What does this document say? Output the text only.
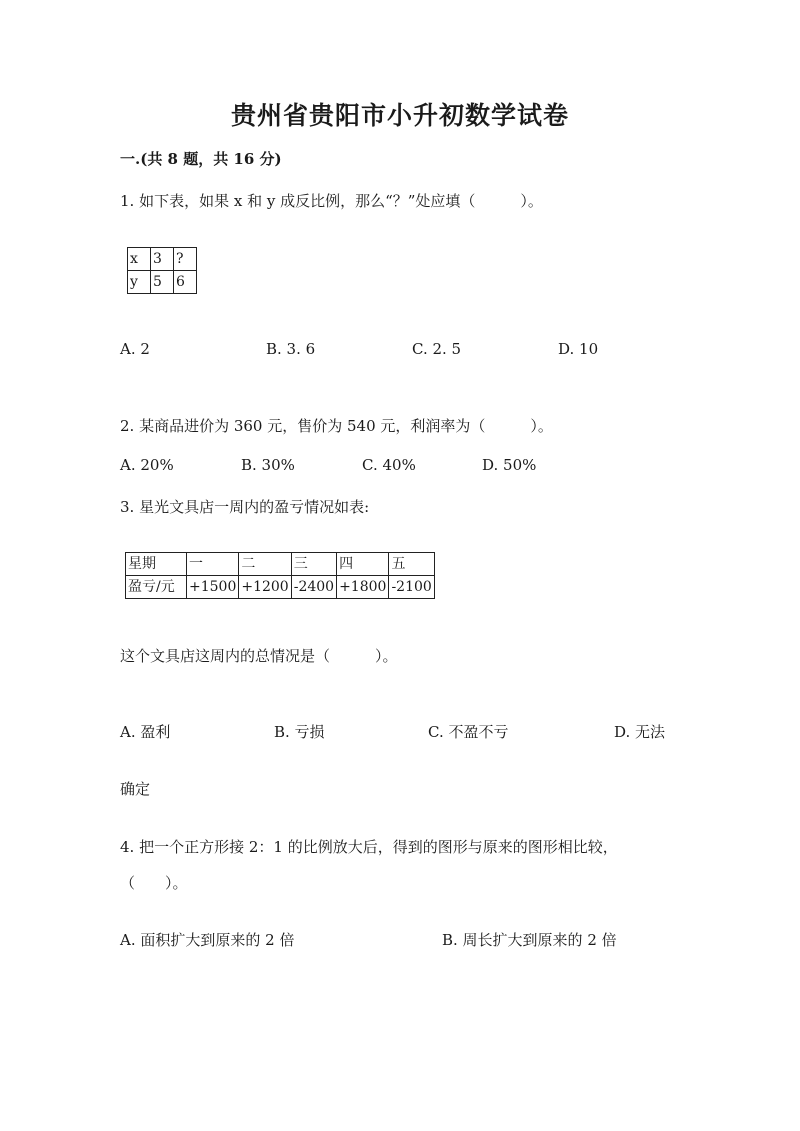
贵州省贵阳市小升初数学试卷
一.(共 8 题，共 16 分)
1. 如下表，如果 x 和 y 成反比例，那么“？”处应填（　　　）。
x	3	?
y	5	6
A. 2	B. 3. 6	C. 2. 5	D. 10
2. 某商品进价为 360 元，售价为 540 元，利润率为（　　　）。
A. 20%	B. 30%	C. 40%	D. 50%
3. 星光文具店一周内的盈亏情况如表:
星期	一	二	三	四	五
盈亏/元	+1500	+1200	-2400	+1800	-2100
这个文具店这周内的总情况是（　　　）。
A. 盈利	B. 亏损	C. 不盈不亏	D. 无法
确定
4. 把一个正方形接 2：1 的比例放大后，得到的图形与原来的图形相比较，
（　　）。
A. 面积扩大到原来的 2 倍	B. 周长扩大到原来的 2 倍
